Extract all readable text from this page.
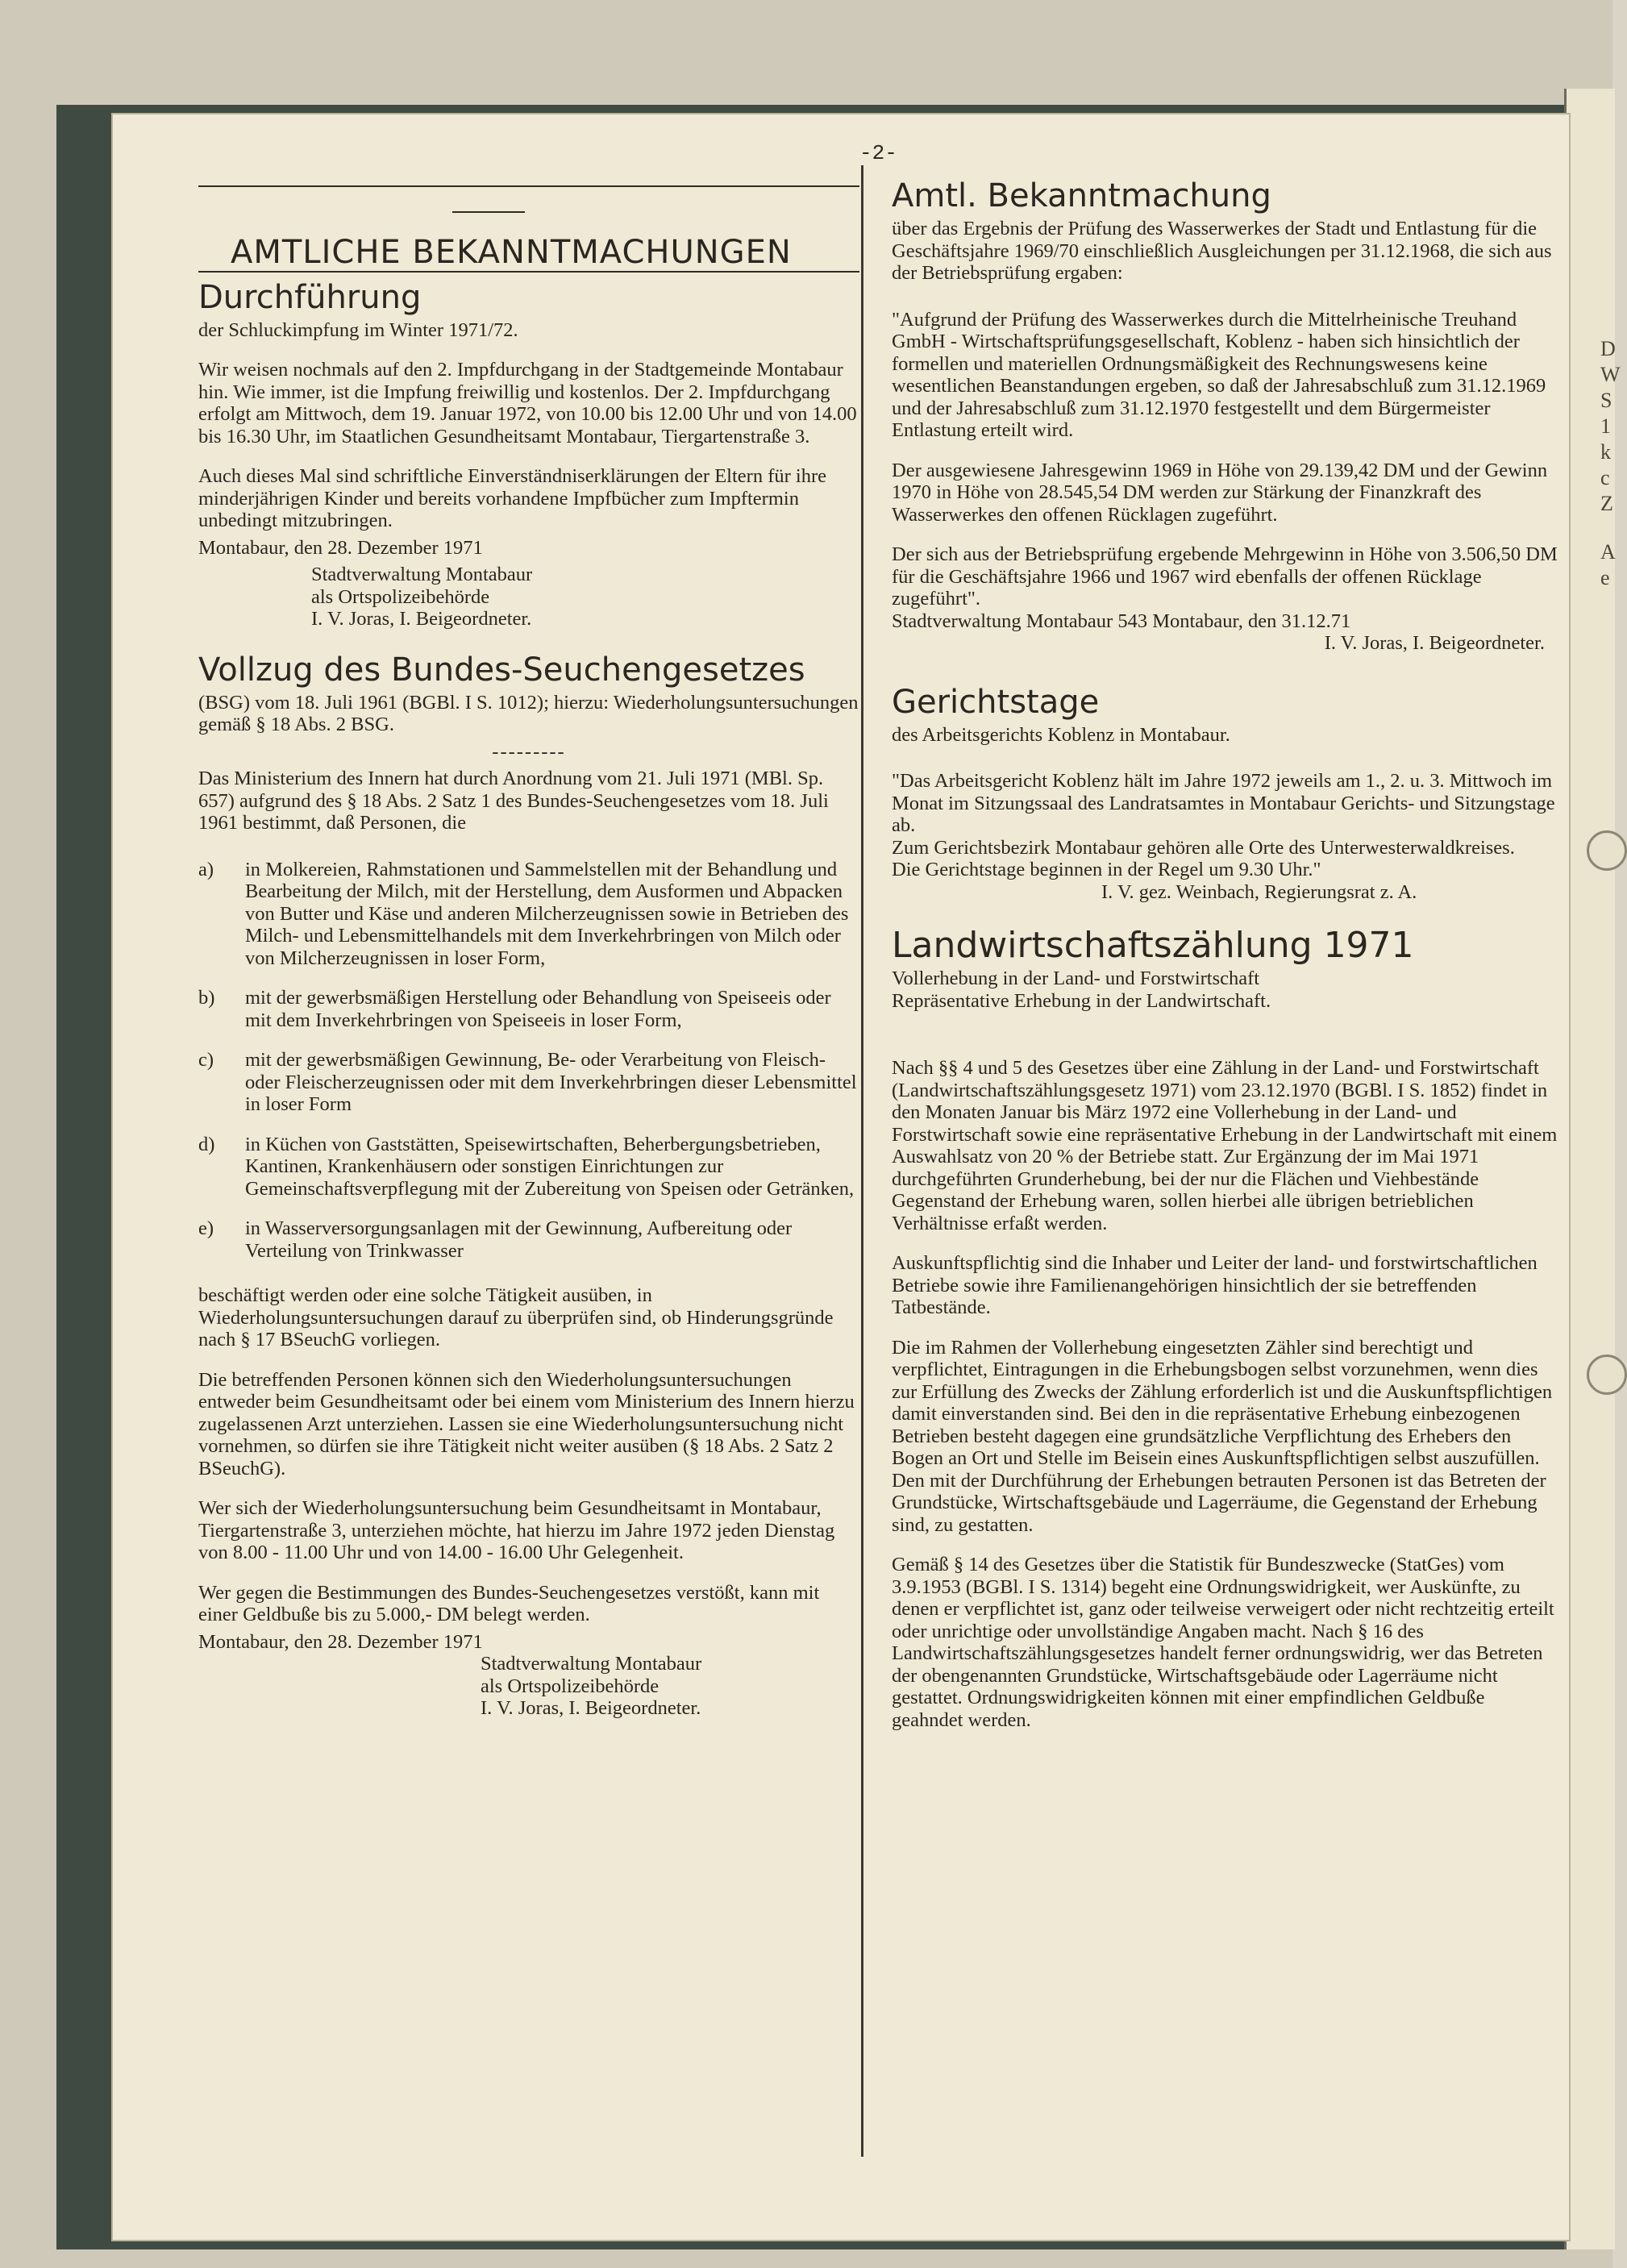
D
W
S
1
k
c
Z
A
e
-2-
AMTLICHE BEKANNTMACHUNGEN
Durchführung

der Schluckimpfung im Winter 1971/72.

Wir weisen nochmals auf den 2. Impfdurchgang in der Stadtgemeinde Montabaur hin. Wie immer, ist die Impfung freiwillig und kostenlos. Der 2. Impfdurchgang erfolgt am Mittwoch, dem 19. Januar 1972, von 10.00 bis 12.00 Uhr und von 14.00 bis 16.30 Uhr, im Staatlichen Gesundheitsamt Montabaur, Tiergartenstraße 3.

Auch dieses Mal sind schriftliche Einverständniserklärungen der Eltern für ihre minderjährigen Kinder und bereits vorhandene Impfbücher zum Impftermin unbedingt mitzubringen.

Montabaur, den 28. Dezember 1971

Stadtverwaltung Montabaur

als Ortspolizeibehörde

I. V. Joras, I. Beigeordneter.

Vollzug des Bundes-Seuchengesetzes

(BSG) vom 18. Juli 1961 (BGBl. I S. 1012); hierzu: Wiederholungsuntersuchungen gemäß § 18 Abs. 2 BSG.

---------

Das Ministerium des Innern hat durch Anordnung vom 21. Juli 1971 (MBl. Sp. 657) aufgrund des § 18 Abs. 2 Satz 1 des Bundes-Seuchengesetzes vom 18. Juli 1961 bestimmt, daß Personen, die

a)	in Molkereien, Rahmstationen und Sammelstellen mit der Behandlung und Bearbeitung der Milch, mit der Herstellung, dem Ausformen und Abpacken von Butter und Käse und anderen Milcherzeugnissen sowie in Betrieben des Milch- und Lebensmittelhandels mit dem Inverkehrbringen von Milch oder von Milcherzeugnissen in loser Form,
b)	mit der gewerbsmäßigen Herstellung oder Behandlung von Speiseeis oder mit dem Inverkehrbringen von Speiseeis in loser Form,
c)	mit der gewerbsmäßigen Gewinnung, Be- oder Verarbeitung von Fleisch- oder Fleischerzeugnissen oder mit dem Inverkehrbringen dieser Lebensmittel in loser Form
d)	in Küchen von Gaststätten, Speisewirtschaften, Beherbergungsbetrieben, Kantinen, Krankenhäusern oder sonstigen Einrichtungen zur Gemeinschaftsverpflegung mit der Zubereitung von Speisen oder Getränken,
e)	in Wasserversorgungsanlagen mit der Gewinnung, Aufbereitung oder Verteilung von Trinkwasser

beschäftigt werden oder eine solche Tätigkeit ausüben, in Wiederholungsuntersuchungen darauf zu überprüfen sind, ob Hinderungsgründe nach § 17 BSeuchG vorliegen.

Die betreffenden Personen können sich den Wiederholungsuntersuchungen entweder beim Gesundheitsamt oder bei einem vom Ministerium des Innern hierzu zugelassenen Arzt unterziehen. Lassen sie eine Wiederholungsuntersuchung nicht vornehmen, so dürfen sie ihre Tätigkeit nicht weiter ausüben (§ 18 Abs. 2 Satz 2 BSeuchG).

Wer sich der Wiederholungsuntersuchung beim Gesundheitsamt in Montabaur, Tiergartenstraße 3, unterziehen möchte, hat hierzu im Jahre 1972 jeden Dienstag von 8.00 - 11.00 Uhr und von 14.00 - 16.00 Uhr Gelegenheit.

Wer gegen die Bestimmungen des Bundes-Seuchengesetzes verstößt, kann mit einer Geldbuße bis zu 5.000,- DM belegt werden.

Montabaur, den 28. Dezember 1971

Stadtverwaltung Montabaur

als Ortspolizeibehörde

I. V. Joras, I. Beigeordneter.

Amtl. Bekanntmachung

über das Ergebnis der Prüfung des Wasserwerkes der Stadt und Entlastung für die Geschäftsjahre 1969/70 einschließlich Ausgleichungen per 31.12.1968, die sich aus der Betriebsprüfung ergaben:

"Aufgrund der Prüfung des Wasserwerkes durch die Mittelrheinische Treuhand GmbH - Wirtschaftsprüfungsgesellschaft, Koblenz - haben sich hinsichtlich der formellen und materiellen Ordnungsmäßigkeit des Rechnungswesens keine wesentlichen Beanstandungen ergeben, so daß der Jahresabschluß zum 31.12.1969 und der Jahresabschluß zum 31.12.1970 festgestellt und dem Bürgermeister Entlastung erteilt wird.

Der ausgewiesene Jahresgewinn 1969 in Höhe von 29.139,42 DM und der Gewinn 1970 in Höhe von 28.545,54 DM werden zur Stärkung der Finanzkraft des Wasserwerkes den offenen Rücklagen zugeführt.

Der sich aus der Betriebsprüfung ergebende Mehrgewinn in Höhe von 3.506,50 DM für die Geschäftsjahre 1966 und 1967 wird ebenfalls der offenen Rücklage zugeführt".

Stadtverwaltung Montabaur 543 Montabaur, den 31.12.71

I. V. Joras, I. Beigeordneter.

Gerichtstage

des Arbeitsgerichts Koblenz in Montabaur.

"Das Arbeitsgericht Koblenz hält im Jahre 1972 jeweils am 1., 2. u. 3. Mittwoch im Monat im Sitzungssaal des Landratsamtes in Montabaur Gerichts- und Sitzungstage ab.

Zum Gerichtsbezirk Montabaur gehören alle Orte des Unterwesterwaldkreises.

Die Gerichtstage beginnen in der Regel um 9.30 Uhr."

I. V. gez. Weinbach, Regierungsrat z. A.

Landwirtschaftszählung 1971

Vollerhebung in der Land- und Forstwirtschaft

Repräsentative Erhebung in der Landwirtschaft.

Nach §§ 4 und 5 des Gesetzes über eine Zählung in der Land- und Forstwirtschaft (Landwirtschaftszählungsgesetz 1971) vom 23.12.1970 (BGBl. I S. 1852) findet in den Monaten Januar bis März 1972 eine Vollerhebung in der Land- und Forstwirtschaft sowie eine repräsentative Erhebung in der Landwirtschaft mit einem Auswahlsatz von 20 % der Betriebe statt. Zur Ergänzung der im Mai 1971 durchgeführten Grunderhebung, bei der nur die Flächen und Viehbestände Gegenstand der Erhebung waren, sollen hierbei alle übrigen betrieblichen Verhältnisse erfaßt werden.

Auskunftspflichtig sind die Inhaber und Leiter der land- und forstwirtschaftlichen Betriebe sowie ihre Familienangehörigen hinsichtlich der sie betreffenden Tatbestände.

Die im Rahmen der Vollerhebung eingesetzten Zähler sind berechtigt und verpflichtet, Eintragungen in die Erhebungsbogen selbst vorzunehmen, wenn dies zur Erfüllung des Zwecks der Zählung erforderlich ist und die Auskunftspflichtigen damit einverstanden sind. Bei den in die repräsentative Erhebung einbezogenen Betrieben besteht dagegen eine grundsätzliche Verpflichtung des Erhebers den Bogen an Ort und Stelle im Beisein eines Auskunftspflichtigen selbst auszufüllen. Den mit der Durchführung der Erhebungen betrauten Personen ist das Betreten der Grundstücke, Wirtschaftsgebäude und Lagerräume, die Gegenstand der Erhebung sind, zu gestatten.

Gemäß § 14 des Gesetzes über die Statistik für Bundeszwecke (StatGes) vom 3.9.1953 (BGBl. I S. 1314) begeht eine Ordnungswidrigkeit, wer Auskünfte, zu denen er verpflichtet ist, ganz oder teilweise verweigert oder nicht rechtzeitig erteilt oder unrichtige oder unvollständige Angaben macht. Nach § 16 des Landwirtschaftszählungsgesetzes handelt ferner ordnungswidrig, wer das Betreten der obengenannten Grundstücke, Wirtschaftsgebäude oder Lagerräume nicht gestattet. Ordnungswidrigkeiten können mit einer empfindlichen Geldbuße geahndet werden.
